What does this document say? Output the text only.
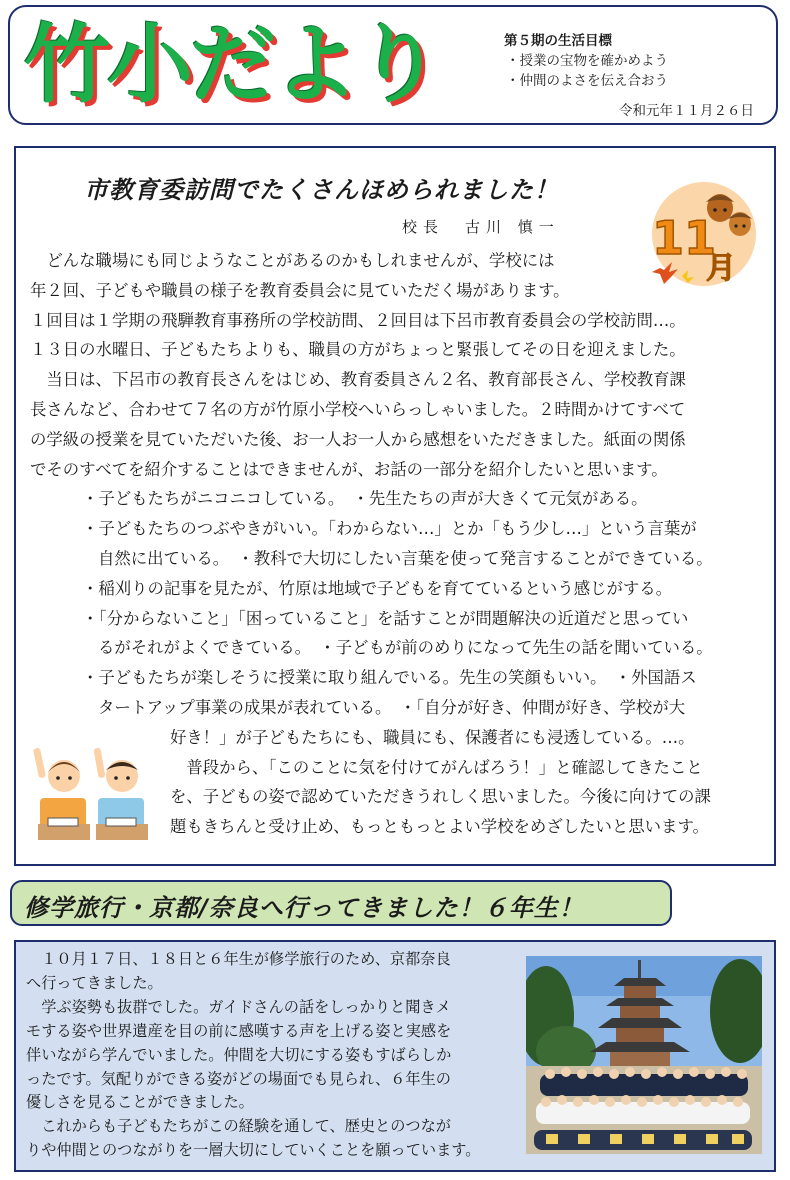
竹小だより	第５期の生活目標
・授業の宝物を確かめよう
・仲間のよさを伝え合おう
令和元年１１月２６日
市教育委訪問でたくさんほめられました！
校長　古川 慎一 11
月
　どんな職場にも同じようなことがあるのかもしれませんが、学校には
年２回、子どもや職員の様子を教育委員会に見ていただく場があります。
１回目は１学期の飛騨教育事務所の学校訪問、２回目は下呂市教育委員会の学校訪問…。
１３日の水曜日、子どもたちよりも、職員の方がちょっと緊張してその日を迎えました。
　当日は、下呂市の教育長さんをはじめ、教育委員さん２名、教育部長さん、学校教育課
長さんなど、合わせて７名の方が竹原小学校へいらっしゃいました。２時間かけてすべて
の学級の授業を見ていただいた後、お一人お一人から感想をいただきました。紙面の関係
でそのすべてを紹介することはできませんが、お話の一部分を紹介したいと思います。
・子どもたちがニコニコしている。　・先生たちの声が大きくて元気がある。
・子どもたちのつぶやきがいい。「わからない…」とか「もう少し…」という言葉が
自然に出ている。　・教科で大切にしたい言葉を使って発言することができている。
・稲刈りの記事を見たが、竹原は地域で子どもを育てているという感じがする。
・「分からないこと」「困っていること」を話すことが問題解決の近道だと思ってい
るがそれがよくできている。　・子どもが前のめりになって先生の話を聞いている。
・子どもたちが楽しそうに授業に取り組んでいる。先生の笑顔もいい。　・外国語ス
タートアップ事業の成果が表れている。　・「自分が好き、仲間が好き、学校が大
好き！」が子どもたちにも、職員にも、保護者にも浸透している。…。
　普段から、「このことに気を付けてがんばろう！」と確認してきたこと
を、子どもの姿で認めていただきうれしく思いました。今後に向けての課
題もきちんと受け止め、もっともっとよい学校をめざしたいと思います。
修学旅行・京都/奈良へ行ってきました！６年生！
　１０月１７日、１８日と６年生が修学旅行のため、京都奈良
へ行ってきました。
　学ぶ姿勢も抜群でした。ガイドさんの話をしっかりと聞きメ
モする姿や世界遺産を目の前に感嘆する声を上げる姿と実感を
伴いながら学んでいました。仲間を大切にする姿もすばらしか
ったです。気配りができる姿がどの場面でも見られ、６年生の
優しさを見ることができました。
　これからも子どもたちがこの経験を通して、歴史とのつなが
りや仲間とのつながりを一層大切にしていくことを願っています。
